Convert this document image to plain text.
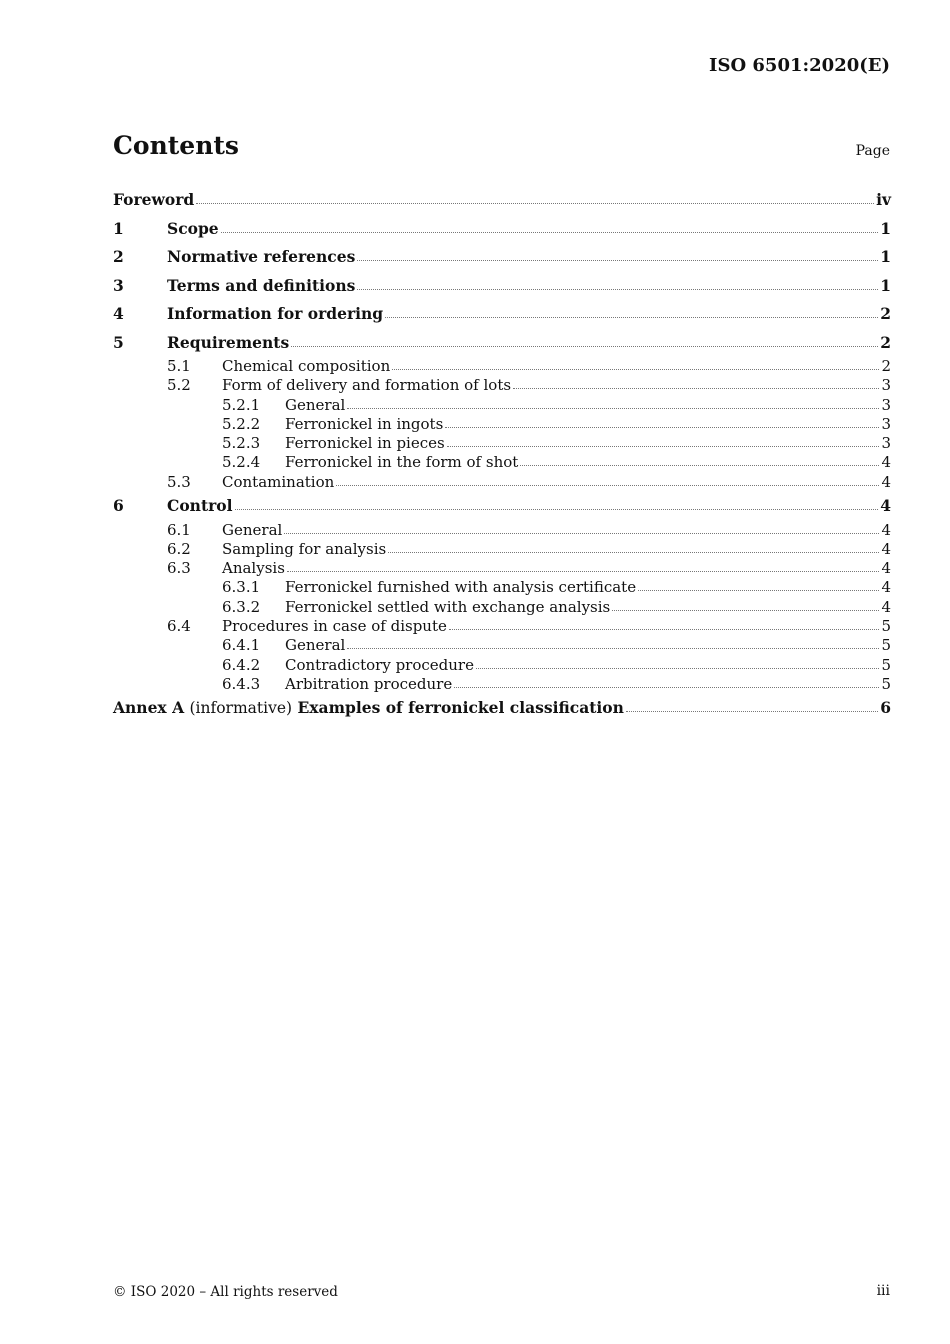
ISO 6501:2020(E)
Contents	Page
Foreword	iv
1	Scope	1
2	Normative references	1
3	Terms and definitions	1
4	Information for ordering	2
5	Requirements	2
5.1	Chemical composition	2
5.2	Form of delivery and formation of lots	3
5.2.1	General	3
5.2.2	Ferronickel in ingots	3
5.2.3	Ferronickel in pieces	3
5.2.4	Ferronickel in the form of shot	4
5.3	Contamination	4
6	Control	4
6.1	General	4
6.2	Sampling for analysis	4
6.3	Analysis	4
6.3.1	Ferronickel furnished with analysis certificate	4
6.3.2	Ferronickel settled with exchange analysis	4
6.4	Procedures in case of dispute	5
6.4.1	General	5
6.4.2	Contradictory procedure	5
6.4.3	Arbitration procedure	5
Annex A (informative) Examples of ferronickel classification	6
© ISO 2020 – All rights reserved	iii
